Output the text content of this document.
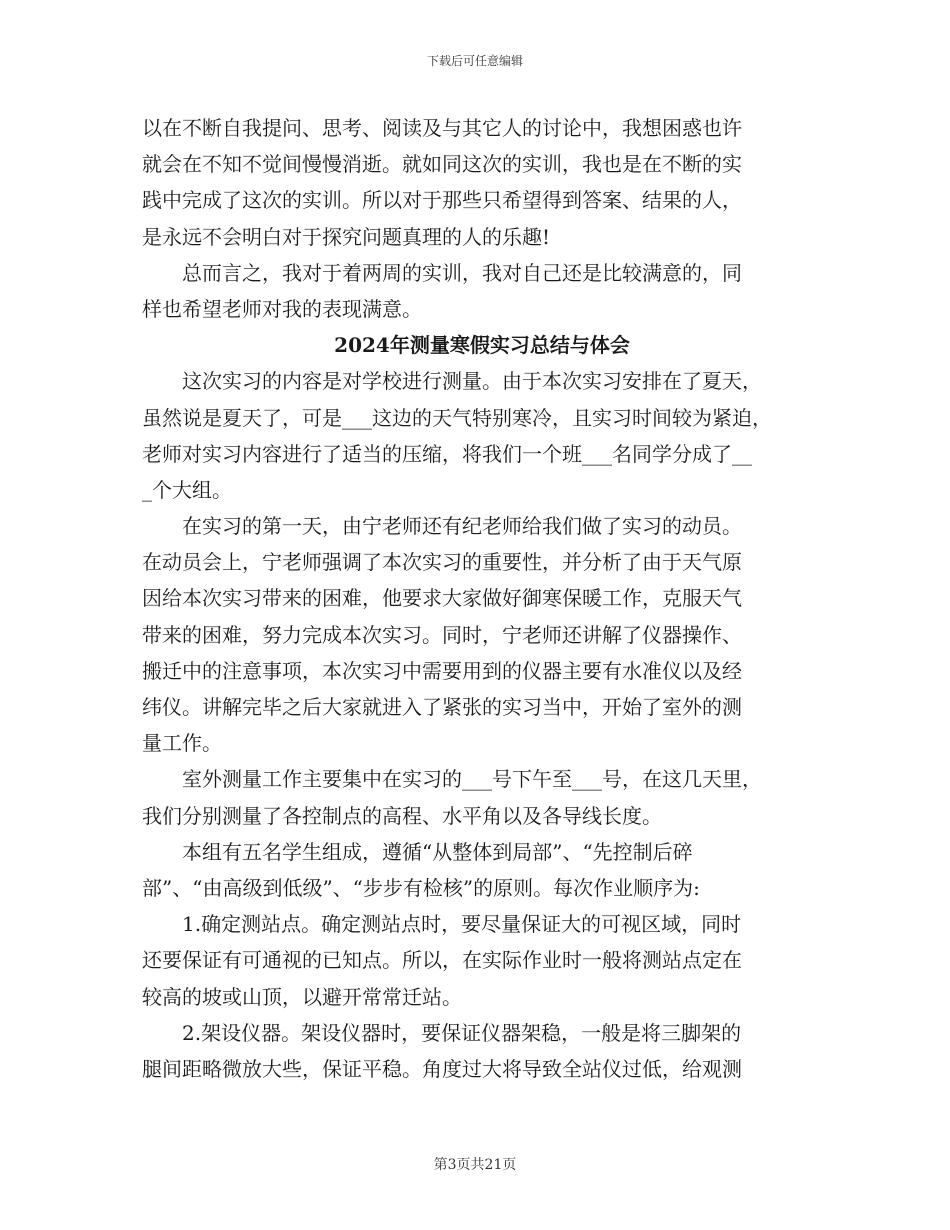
下载后可任意编辑
以在不断自我提问、思考、阅读及与其它人的讨论中，我想困惑也许
就会在不知不觉间慢慢消逝。就如同这次的实训，我也是在不断的实
践中完成了这次的实训。所以对于那些只希望得到答案、结果的人，
是永远不会明白对于探究问题真理的人的乐趣!
　　总而言之，我对于着两周的实训，我对自己还是比较满意的，同
样也希望老师对我的表现满意。
2024年测量寒假实习总结与体会
　　这次实习的内容是对学校进行测量。由于本次实习安排在了夏天，
虽然说是夏天了，可是___这边的天气特别寒冷，且实习时间较为紧迫，
老师对实习内容进行了适当的压缩，将我们一个班___名同学分成了__
_个大组。
　　在实习的第一天，由宁老师还有纪老师给我们做了实习的动员。
在动员会上，宁老师强调了本次实习的重要性，并分析了由于天气原
因给本次实习带来的困难，他要求大家做好御寒保暖工作，克服天气
带来的困难，努力完成本次实习。同时，宁老师还讲解了仪器操作、
搬迁中的注意事项，本次实习中需要用到的仪器主要有水准仪以及经
纬仪。讲解完毕之后大家就进入了紧张的实习当中，开始了室外的测
量工作。
　　室外测量工作主要集中在实习的___号下午至___号，在这几天里，
我们分别测量了各控制点的高程、水平角以及各导线长度。
　　本组有五名学生组成，遵循“从整体到局部”、“先控制后碎
部”、“由高级到低级”、“步步有检核”的原则。每次作业顺序为:
　　1.确定测站点。确定测站点时，要尽量保证大的可视区域，同时
还要保证有可通视的已知点。所以，在实际作业时一般将测站点定在
较高的坡或山顶，以避开常常迁站。
　　2.架设仪器。架设仪器时，要保证仪器架稳，一般是将三脚架的
腿间距略微放大些，保证平稳。角度过大将导致全站仪过低，给观测
第3页共21页
